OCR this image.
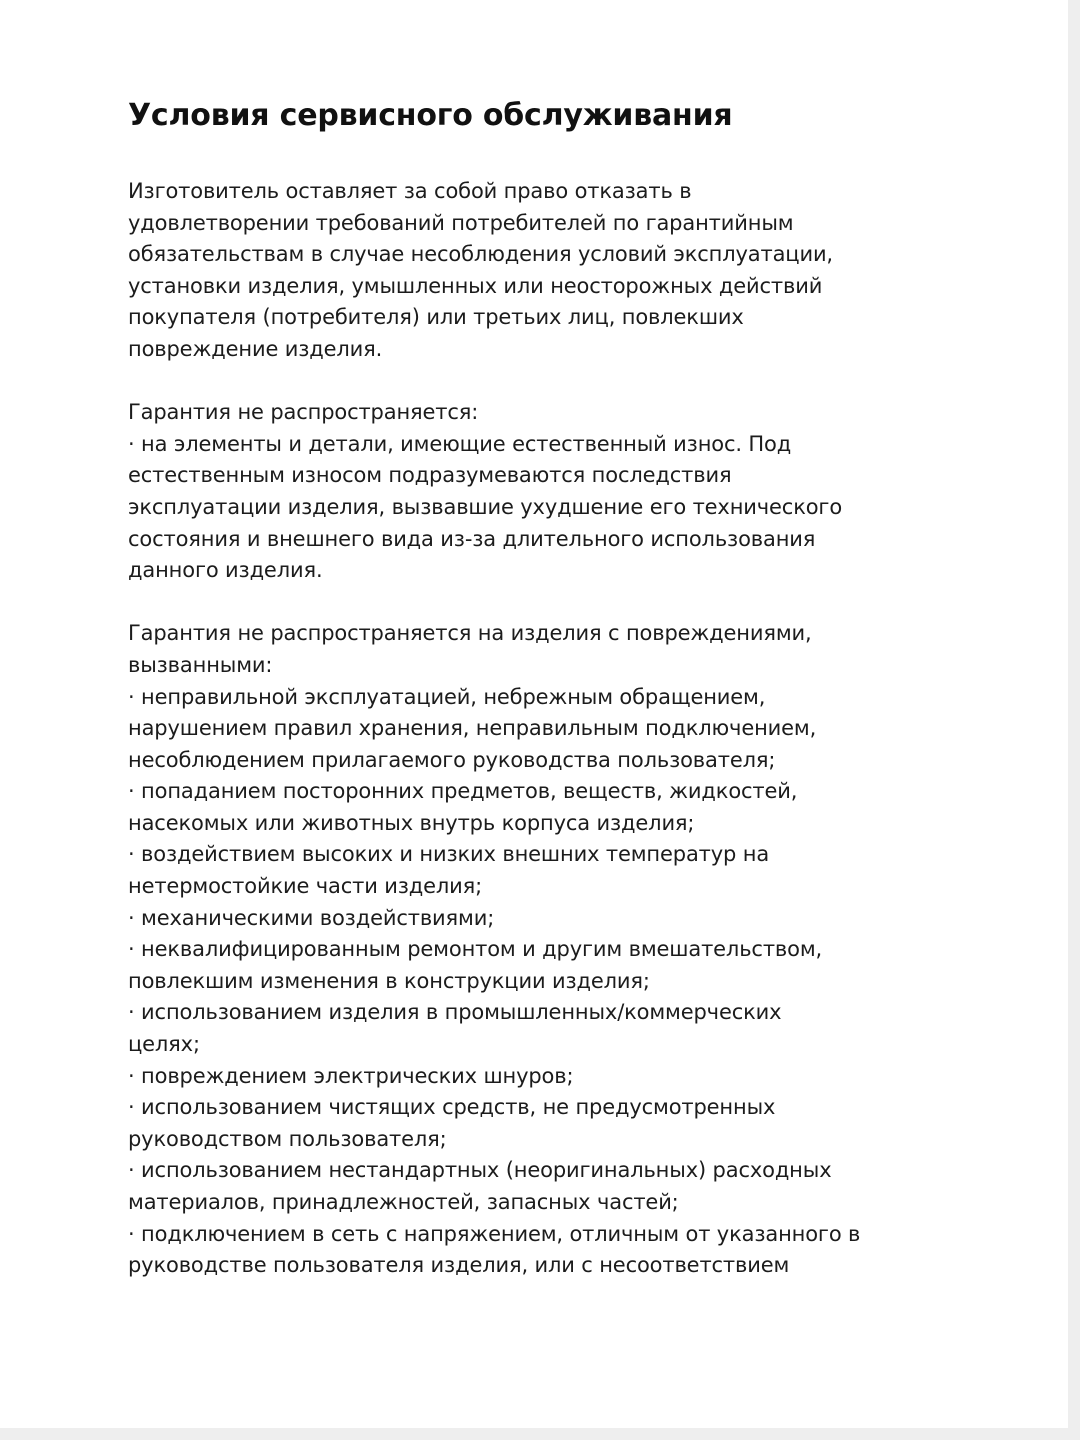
Условия сервисного обслуживания

Изготовитель оставляет за собой право отказать в
удовлетворении требований потребителей по гарантийным
обязательствам в случае несоблюдения условий эксплуатации,
установки изделия, умышленных или неосторожных действий
покупателя (потребителя) или третьих лиц, повлекших
повреждение изделия.

Гарантия не распространяется:
· на элементы и детали, имеющие естественный износ. Под
естественным износом подразумеваются последствия
эксплуатации изделия, вызвавшие ухудшение его технического
состояния и внешнего вида из-за длительного использования
данного изделия.
Гарантия не распространяется на изделия с повреждениями,
вызванными:
· неправильной эксплуатацией, небрежным обращением,
нарушением правил хранения, неправильным подключением,
несоблюдением прилагаемого руководства пользователя;
· попаданием посторонних предметов, веществ, жидкостей,
насекомых или животных внутрь корпуса изделия;
· воздействием высоких и низких внешних температур на
нетермостойкие части изделия;
· механическими воздействиями;
· неквалифицированным ремонтом и другим вмешательством,
повлекшим изменения в конструкции изделия;
· использованием изделия в промышленных/коммерческих
целях;
· повреждением электрических шнуров;
· использованием чистящих средств, не предусмотренных
руководством пользователя;
· использованием нестандартных (неоригинальных) расходных
материалов, принадлежностей, запасных частей;
· подключением в сеть с напряжением, отличным от указанного в
руководстве пользователя изделия, или с несоответствием
